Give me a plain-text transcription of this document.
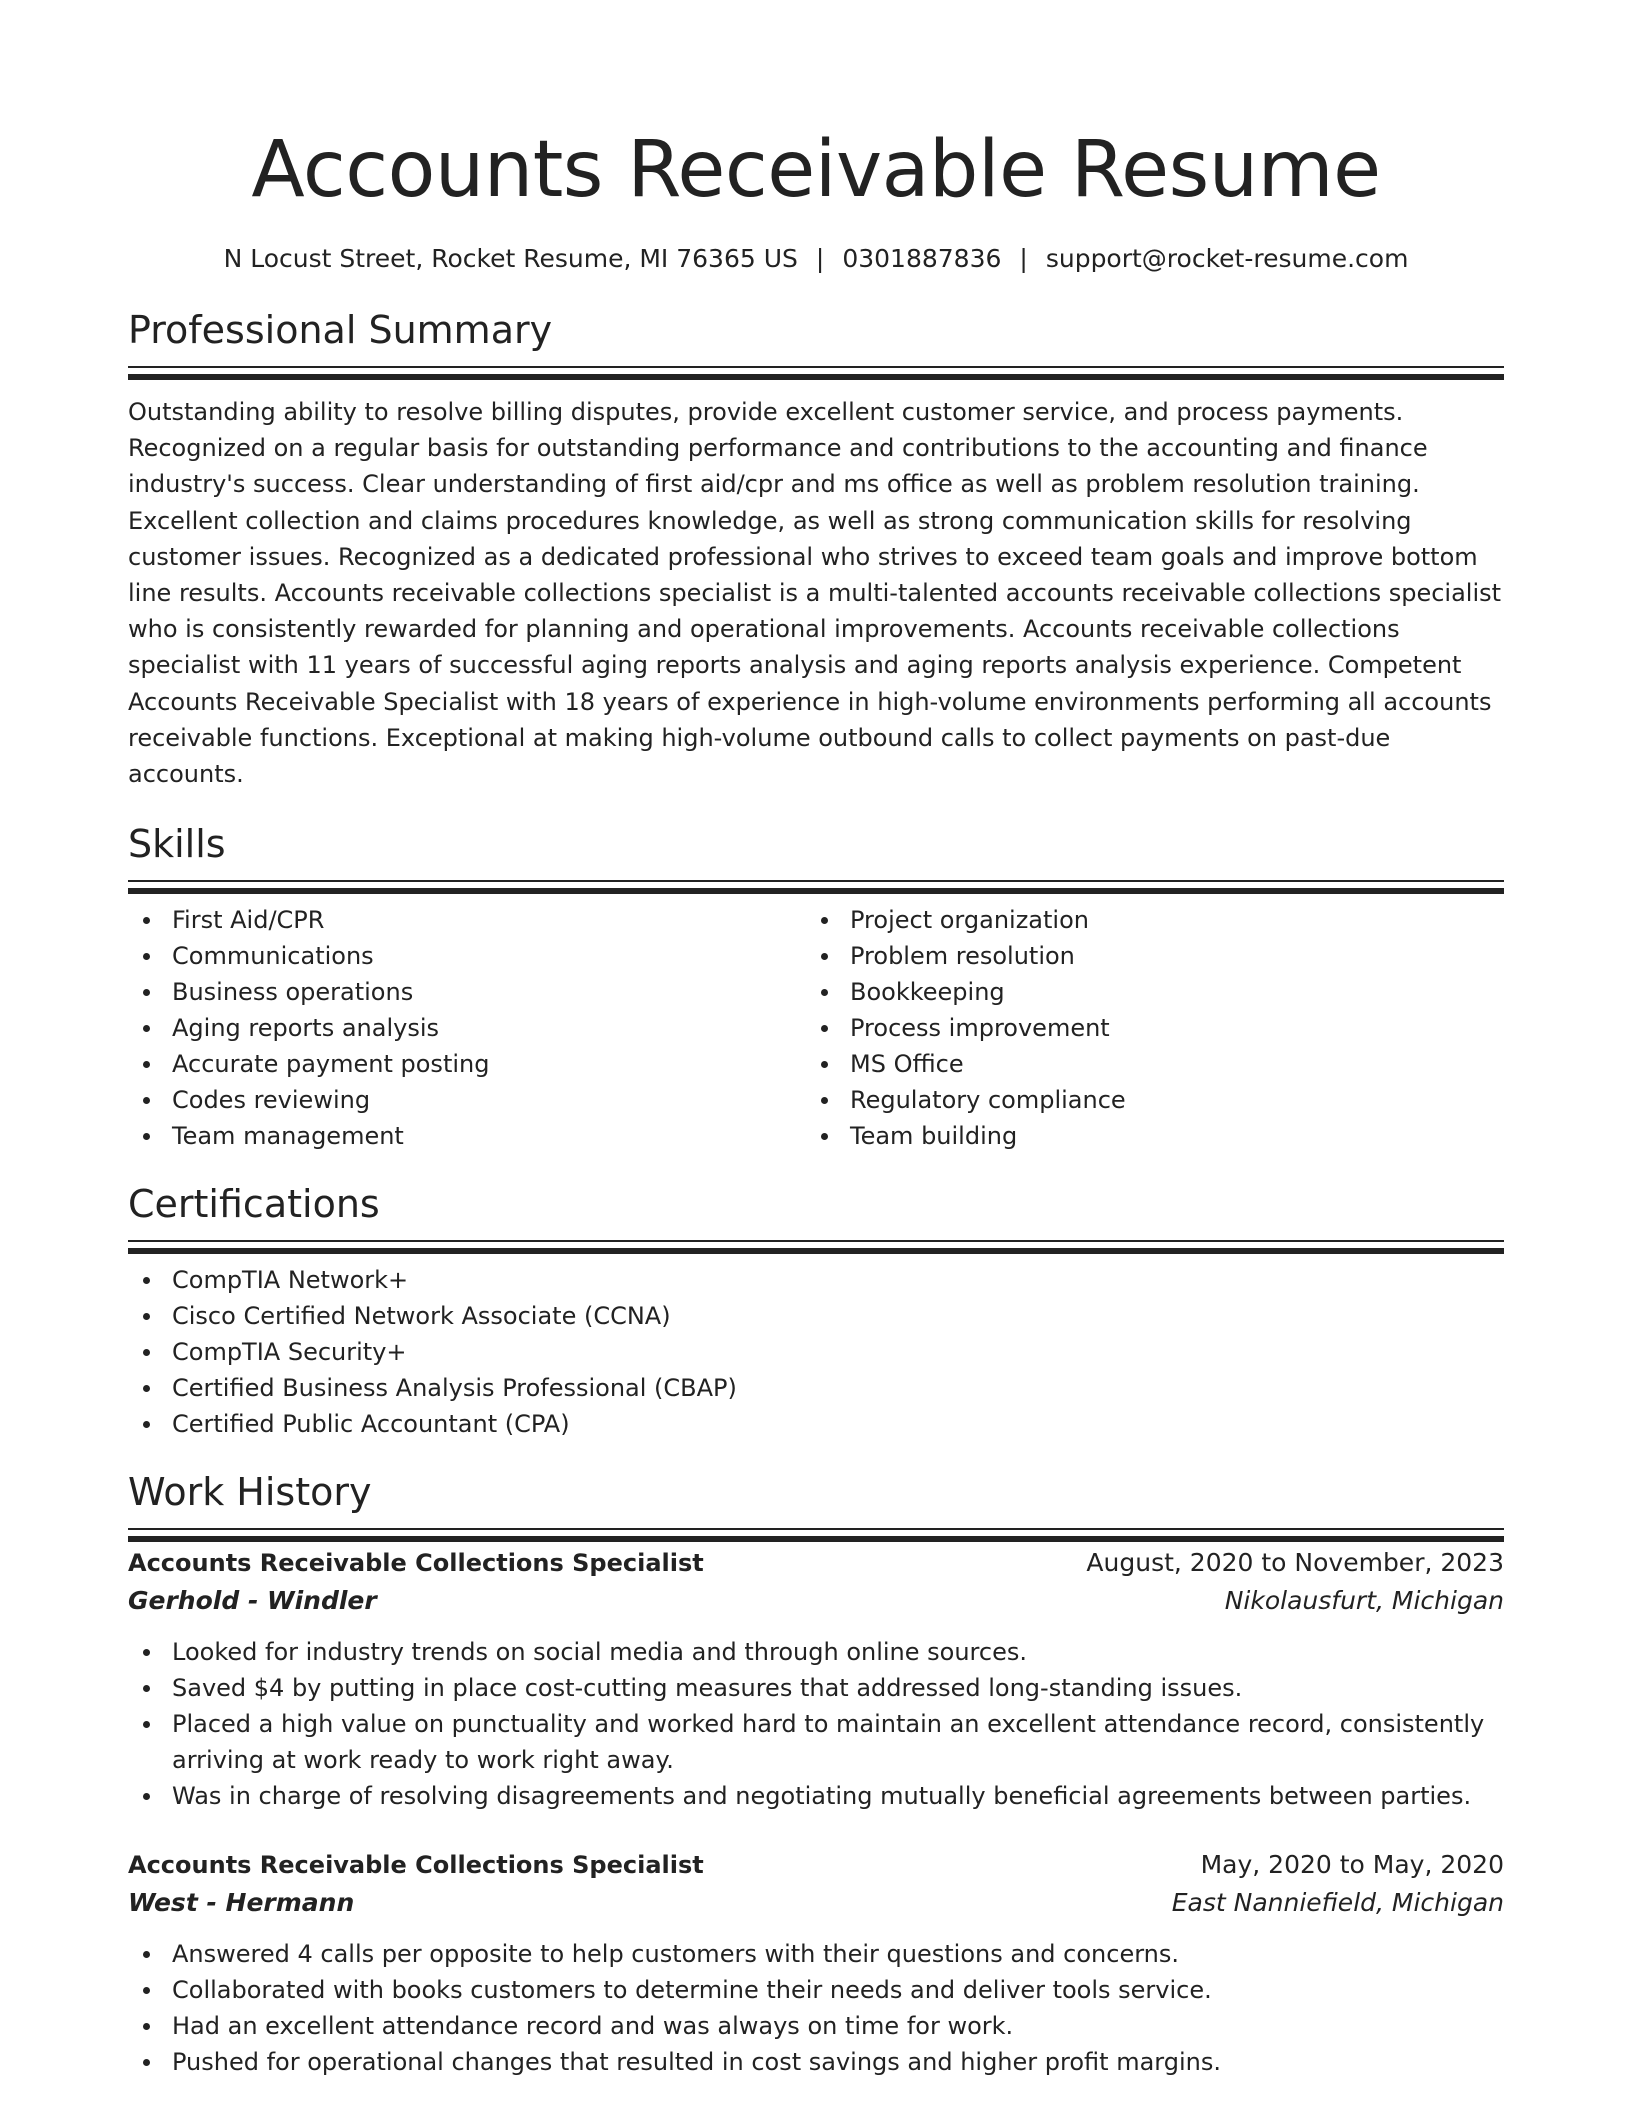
Accounts Receivable Resume
N Locust Street, Rocket Resume, MI 76365 US | 0301887836 | support@rocket-resume.com
Professional Summary

Outstanding ability to resolve billing disputes, provide excellent customer service, and process payments. Recognized on a regular basis for outstanding performance and contributions to the accounting and finance industry's success. Clear understanding of first aid/cpr and ms office as well as problem resolution training. Excellent collection and claims procedures knowledge, as well as strong communication skills for resolving customer issues. Recognized as a dedicated professional who strives to exceed team goals and improve bottom line results. Accounts receivable collections specialist is a multi-talented accounts receivable collections specialist who is consistently rewarded for planning and operational improvements. Accounts receivable collections specialist with 11 years of successful aging reports analysis and aging reports analysis experience. Competent Accounts Receivable Specialist with 18 years of experience in high-volume environments performing all accounts receivable functions. Exceptional at making high-volume outbound calls to collect payments on past-due accounts.

Skills
First Aid/CPR
Communications
Business operations
Aging reports analysis
Accurate payment posting
Codes reviewing
Team management
Project organization
Problem resolution
Bookkeeping
Process improvement
MS Office
Regulatory compliance
Team building
Certifications
CompTIA Network+
Cisco Certified Network Associate (CCNA)
CompTIA Security+
Certified Business Analysis Professional (CBAP)
Certified Public Accountant (CPA)
Work History
Accounts Receivable Collections Specialist	August, 2020 to November, 2023
Gerhold - Windler	Nikolausfurt, Michigan
Looked for industry trends on social media and through online sources.
Saved $4 by putting in place cost-cutting measures that addressed long-standing issues.
Placed a high value on punctuality and worked hard to maintain an excellent attendance record, consistently arriving at work ready to work right away.
Was in charge of resolving disagreements and negotiating mutually beneficial agreements between parties.
Accounts Receivable Collections Specialist	May, 2020 to May, 2020
West - Hermann	East Nanniefield, Michigan
Answered 4 calls per opposite to help customers with their questions and concerns.
Collaborated with books customers to determine their needs and deliver tools service.
Had an excellent attendance record and was always on time for work.
Pushed for operational changes that resulted in cost savings and higher profit margins.
